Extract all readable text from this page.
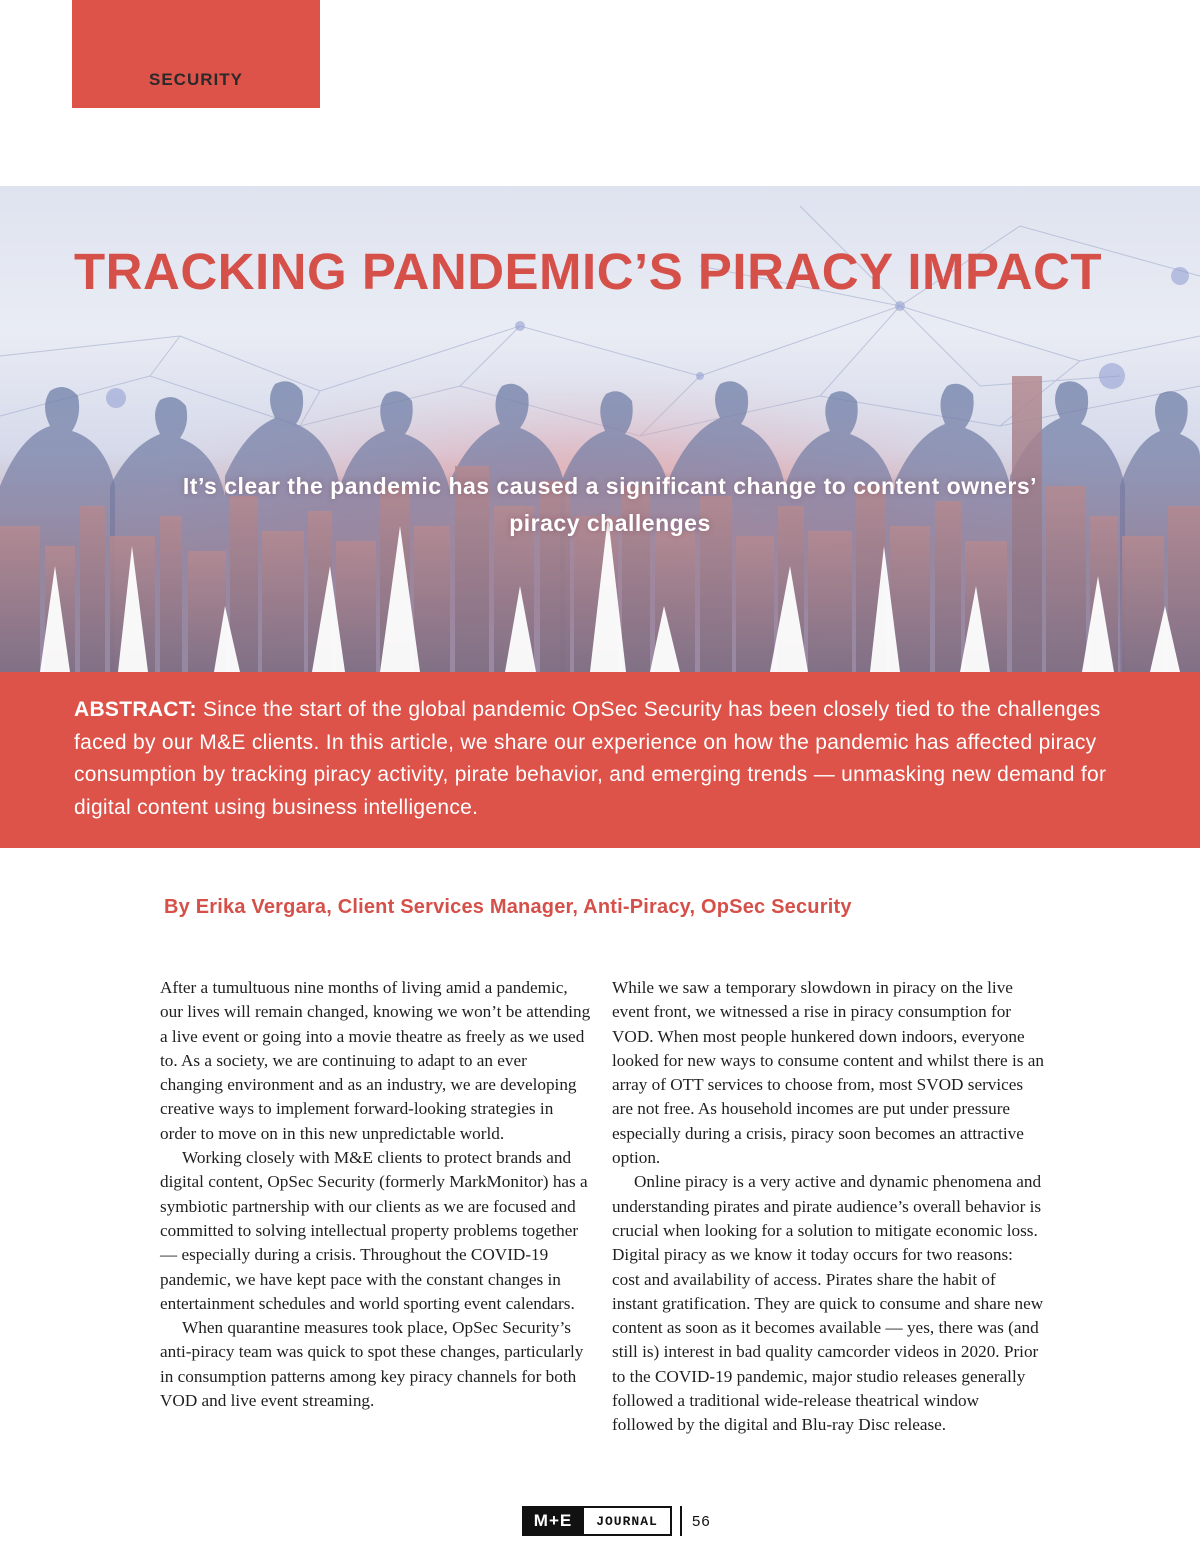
SECURITY
TRACKING PANDEMIC’S PIRACY IMPACT
It’s clear the pandemic has caused a significant change to content owners’ piracy challenges

ABSTRACT: Since the start of the global pandemic OpSec Security has been closely tied to the challenges faced by our M&E clients. In this article, we share our experience on how the pandemic has affected piracy consumption by tracking piracy activity, pirate behavior, and emerging trends — unmasking new demand for digital content using business intelligence.

By Erika Vergara, Client Services Manager, Anti-Piracy, OpSec Security

After a tumultuous nine months of living amid a pandemic, our lives will remain changed, knowing we won’t be attending a live event or going into a movie theatre as freely as we used to. As a society, we are continuing to adapt to an ever changing environment and as an industry, we are developing creative ways to implement forward-looking strategies in order to move on in this new unpredictable world.

Working closely with M&E clients to protect brands and digital content, OpSec Security (formerly MarkMonitor) has a symbiotic partnership with our clients as we are focused and committed to solving intellectual property problems together — especially during a crisis. Throughout the COVID-19 pandemic, we have kept pace with the constant changes in entertainment schedules and world sporting event calendars.

When quarantine measures took place, OpSec Security’s anti-piracy team was quick to spot these changes, particularly in consumption patterns among key piracy channels for both VOD and live event streaming.

While we saw a temporary slowdown in piracy on the live event front, we witnessed a rise in piracy consumption for VOD. When most people hunkered down indoors, everyone looked for new ways to consume content and whilst there is an array of OTT services to choose from, most SVOD services are not free. As household incomes are put under pressure especially during a crisis, piracy soon becomes an attractive option.

Online piracy is a very active and dynamic phenomena and understanding pirates and pirate audience’s overall behavior is crucial when looking for a solution to mitigate economic loss. Digital piracy as we know it today occurs for two reasons: cost and availability of access. Pirates share the habit of instant gratification. They are quick to consume and share new content as soon as it becomes available — yes, there was (and still is) interest in bad quality camcorder videos in 2020. Prior to the COVID-19 pandemic, major studio releases generally followed a traditional wide-release theatrical window followed by the digital and Blu-ray Disc release.

M+E	JOURNAL	56
